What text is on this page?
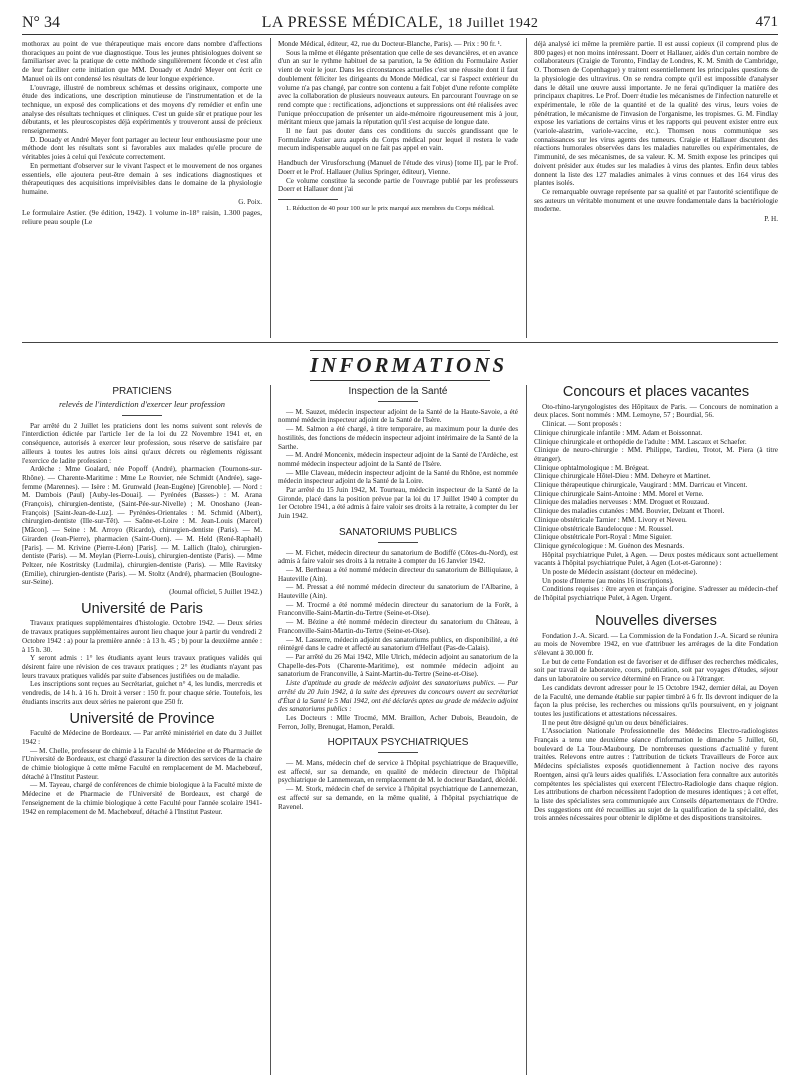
N° 34	LA PRESSE MÉDICALE, 18 Juillet 1942	471

mothorax au point de vue thérapeutique mais encore dans nombre d'affections thoraciques au point de vue diagnostique. Tous les jeunes phtisiologues doivent se familiariser avec la pratique de cette méthode singulièrement féconde et c'est afin de leur faciliter cette initiation que MM. Douady et André Meyer ont écrit ce Manuel où ils ont condensé les résultats de leur longue expérience.

L'ouvrage, illustré de nombreux schémas et dessins originaux, comporte une étude des indications, une description minutieuse de l'instrumentation et de la technique, un exposé des complications et des moyens d'y remédier et enfin une analyse des résultats techniques et cliniques. C'est un guide sûr et pratique pour les débutants, et les pleuroscopistes déjà expérimentés y trouveront aussi de précieux renseignements.

D. Douady et André Meyer font partager au lecteur leur enthousiasme pour une méthode dont les résultats sont si favorables aux malades qu'elle procure de véritables joies à celui qui l'exécute correctement.

En permettant d'observer sur le vivant l'aspect et le mouvement de nos organes essentiels, elle ajoutera peut-être demain à ses indications diagnostiques et thérapeutiques des acquisitions imprévisibles dans le domaine de la physiologie humaine.

G. Poix.

Le formulaire Astier. (9e édition, 1942). 1 volume in-18° raisin, 1.300 pages, reliure peau souple (Le

Monde Médical, éditeur, 42, rue du Docteur-Blanche, Paris). — Prix : 90 fr. ¹.

Sous la même et élégante présentation que celle de ses devancières, et en avance d'un an sur le rythme habituel de sa parution, la 9e édition du Formulaire Astier vient de voir le jour. Dans les circonstances actuelles c'est une réussite dont il faut doublement féliciter les dirigeants du Monde Médical, car si l'aspect extérieur du volume n'a pas changé, par contre son contenu a fait l'objet d'une refonte complète avec la collaboration de plusieurs nouveaux auteurs. En parcourant l'ouvrage on se rend compte que : rectifications, adjonctions et suppressions ont été réalisées avec l'unique préoccupation de présenter un aide-mémoire rigoureusement mis à jour, méritant mieux que jamais la réputation qu'il s'est acquise de longue date.

Il ne faut pas douter dans ces conditions du succès grandissant que le Formulaire Astier aura auprès du Corps médical pour lequel il restera le vade mecum indispensable auquel on ne fait pas appel en vain.

Handbuch der Virusforschung (Manuel de l'étude des virus) [tome II], par le Prof. Doerr et le Prof. Hallauer (Julius Springer, éditeur), Vienne.

Ce volume constitue la seconde partie de l'ouvrage publié par les professeurs Doerr et Hallauer dont j'ai

1. Réduction de 40 pour 100 sur le prix marqué aux membres du Corps médical.

déjà analysé ici même la première partie. Il est aussi copieux (il comprend plus de 800 pages) et non moins intéressant. Doerr et Hallauer, aidés d'un certain nombre de collaborateurs (Craigie de Toronto, Findlay de Londres, K. M. Smith de Cambridge, O. Thomsen de Copenhague) y traitent essentiellement les principales questions de la physiologie des ultravirus. On se rendra compte qu'il est impossible d'analyser dans le détail une œuvre aussi importante. Je ne ferai qu'indiquer la matière des principaux chapitres. Le Prof. Doerr étudie les mécanismes de l'infection naturelle et expérimentale, le rôle de la quantité et de la qualité des virus, leurs voies de pénétration, le mécanisme de l'invasion de l'organisme, les tropismes. G. M. Findlay expose les variations de certains virus et les rapports qui peuvent exister entre eux (variole-alastrim, variole-vaccine, etc.). Thomsen nous communique ses connaissances sur les virus agents des tumeurs. Craigie et Hallauer discutent des réactions humorales observées dans les maladies naturelles ou expérimentales, de l'immunité, de ses mécanismes, de sa valeur. K. M. Smith expose les principes qui doivent présider aux études sur les maladies à virus des plantes. Enfin deux tables donnent la liste des 127 maladies animales à virus connues et des 164 virus des plantes isolés.

Ce remarquable ouvrage représente par sa qualité et par l'autorité scientifique de ses auteurs un véritable monument et une œuvre fondamentale dans la bactériologie moderne.

P. H.
INFORMATIONS
PRATICIENS
relevés de l'interdiction d'exercer leur profession

Par arrêté du 2 Juillet les praticiens dont les noms suivent sont relevés de l'interdiction édictée par l'article 1er de la loi du 22 Novembre 1941 et, en conséquence, autorisés à exercer leur profession, sous réserve de satisfaire par ailleurs à toutes les autres lois ainsi qu'aux décrets ou règlements régissant l'exercice de ladite profession :

Ardèche : Mme Goalard, née Popoff (André), pharmacien (Tournons-sur-Rhône). — Charente-Maritime : Mme Le Rouvier, née Schmidt (Andrée), sage-femme (Marennes). — Isère : M. Grunwald (Jean-Eugène) [Grenoble]. — Nord : M. Dambois (Paul) [Auby-les-Douai]. — Pyrénées (Basses-) : M. Arana (François), chirurgien-dentiste, (Saint-Pée-sur-Nivelle) ; M. Onoshano (Jean-François) [Saint-Jean-de-Luz]. — Pyrénées-Orientales : M. Schmid (Albert), chirurgien-dentiste (Ille-sur-Têt). — Saône-et-Loire : M. Jean-Louis (Marcel) [Mâcon]. — Seine : M. Arroyo (Ricardo), chirurgien-dentiste (Paris). — M. Girarden (Jean-Pierre), pharmacien (Saint-Ouen). — M. Held (René-Raphaël) [Paris]. — M. Krivine (Pierre-Léon) [Paris]. — M. Lallich (Italo), chirurgien-dentiste (Paris). — M. Meylan (Pierre-Louis), chirurgien-dentiste (Paris). — Mme Peltzer, née Kostritsky (Ludmila), chirurgien-dentiste (Paris). — Mlle Ravitsky (Emilie), chirurgien-dentiste (Paris). — M. Stoltz (André), pharmacien (Boulogne-sur-Seine).

(Journal officiel, 5 Juillet 1942.)
Université de Paris

Travaux pratiques supplémentaires d'histologie. Octobre 1942. — Deux séries de travaux pratiques supplémentaires auront lieu chaque jour à partir du vendredi 2 Octobre 1942 : a) pour la première année : à 13 h. 45 ; b) pour la deuxième année : à 15 h. 30.

Y seront admis : 1° les étudiants ayant leurs travaux pratiques validés qui désirent faire une révision de ces travaux pratiques ; 2° les étudiants n'ayant pas leurs travaux pratiques validés par suite d'absences justifiées ou de maladie.

Les inscriptions sont reçues au Secrétariat, guichet n° 4, les lundis, mercredis et vendredis, de 14 h. à 16 h. Droit à verser : 150 fr. pour chaque série. Toutefois, les étudiants inscrits aux deux séries ne paieront que 250 fr.

Université de Province

Faculté de Médecine de Bordeaux. — Par arrêté ministériel en date du 3 Juillet 1942 :

— M. Chelle, professeur de chimie à la Faculté de Médecine et de Pharmacie de l'Université de Bordeaux, est chargé d'assurer la direction des services de la chaire de chimie biologique à cette même Faculté en remplacement de M. Machebœuf, détaché à l'Institut Pasteur.

— M. Tayeau, chargé de conférences de chimie biologique à la Faculté mixte de Médecine et de Pharmacie de l'Université de Bordeaux, est chargé de l'enseignement de la chimie biologique à cette Faculté pour l'année scolaire 1941-1942 en remplacement de M. Machebœuf, détaché à l'Institut Pasteur.

Inspection de la Santé

— M. Sauzet, médecin inspecteur adjoint de la Santé de la Haute-Savoie, a été nommé médecin inspecteur adjoint de la Santé de l'Isère.

— M. Salmon a été chargé, à titre temporaire, au maximum pour la durée des hostilités, des fonctions de médecin inspecteur adjoint intérimaire de la Santé de la Sarthe.

— M. André Moncenix, médecin inspecteur adjoint de la Santé de l'Ardèche, est nommé médecin inspecteur adjoint de la Santé de l'Isère.

— Mlle Claveau, médecin inspecteur adjoint de la Santé du Rhône, est nommée médecin inspecteur adjoint de la Santé de la Loire.

Par arrêté du 15 Juin 1942, M. Tourteau, médecin inspecteur de la Santé de la Gironde, placé dans la position prévue par la loi du 17 Juillet 1940 à compter du 1er Octobre 1941, a été admis à faire valoir ses droits à la retraite, à compter du 1er Juin 1942.

SANATORIUMS PUBLICS

— M. Fichet, médecin directeur du sanatorium de Bodiffé (Côtes-du-Nord), est admis à faire valoir ses droits à la retraite à compter du 16 Janvier 1942.

— M. Bertheau a été nommé médecin directeur du sanatorium de Billiquiaue, à Hauteville (Ain).

— M. Pressat a été nommé médecin directeur du sanatorium de l'Albarine, à Hauteville (Ain).

— M. Trocmé a été nommé médecin directeur du sanatorium de la Forêt, à Franconville-Saint-Martin-du-Tertre (Seine-et-Oise).

— M. Bézine a été nommé médecin directeur du sanatorium du Château, à Franconville-Saint-Martin-du-Tertre (Seine-et-Oise).

— M. Lasserre, médecin adjoint des sanatoriums publics, en disponibilité, a été réintégré dans le cadre et affecté au sanatorium d'Helfaut (Pas-de-Calais).

— Par arrêté du 26 Mai 1942, Mlle Ulrich, médecin adjoint au sanatorium de la Chapelle-des-Pots (Charente-Maritime), est nommée médecin adjoint au sanatorium de Franconville, à Saint-Martin-du-Tertre (Seine-et-Oise).

Liste d'aptitude au grade de médecin adjoint des sanatoriums publics. — Par arrêté du 20 Juin 1942, à la suite des épreuves du concours ouvert au secrétariat d'État à la Santé le 5 Mai 1942, ont été déclarés aptes au grade de médecin adjoint des sanatoriums publics :

Les Docteurs : Mlle Trocmé, MM. Braillon, Acher Dubois, Beaudoin, de Ferron, Jolly, Brenugat, Hamon, Peraldi.

HOPITAUX PSYCHIATRIQUES

— M. Mans, médecin chef de service à l'hôpital psychiatrique de Braqueville, est affecté, sur sa demande, en qualité de médecin directeur de l'hôpital psychiatrique de Lannemezan, en remplacement de M. le docteur Baudard, décédé.

— M. Stork, médecin chef de service à l'hôpital psychiatrique de Lannemezan, est affecté sur sa demande, en la même qualité, à l'hôpital psychiatrique de Ravenel.

Concours et places vacantes

Oto-rhino-laryngologistes des Hôpitaux de Paris. — Concours de nomination a deux places. Sont nommés : MM. Lemoyne, 57 ; Bourdial, 56.

Clinicat. — Sont proposés :

Clinique chirurgicale infantile : MM. Adam et Boissonnat.

Clinique chirurgicale et orthopédie de l'adulte : MM. Lascaux et Schaefer.

Clinique de neuro-chirurgie : MM. Philippe, Tardieu, Trotot, M. Piera (à titre étranger).

Clinique ophtalmologique : M. Brégeat.

Clinique chirurgicale Hôtel-Dieu : MM. Deheyre et Martinet.

Clinique thérapeutique chirurgicale, Vaugirard : MM. Darricau et Vincent.

Clinique chirurgicale Saint-Antoine : MM. Morel et Verne.

Clinique des maladies nerveuses : MM. Droguet et Rouzaud.

Clinique des maladies cutanées : MM. Bouvier, Delzant et Thorel.

Clinique obstétricale Tarnier : MM. Livory et Neveu.

Clinique obstétricale Baudelocque : M. Roussel.

Clinique obstétricale Port-Royal : Mme Siguier.

Clinique gynécologique : M. Guénon des Mesnards.

Hôpital psychiatrique Pulet, à Agen. — Deux postes médicaux sont actuellement vacants à l'hôpital psychiatrique Pulet, à Agen (Lot-et-Garonne) :

Un poste de Médecin assistant (docteur en médecine).

Un poste d'Interne (au moins 16 inscriptions).

Conditions requises : être aryen et français d'origine. S'adresser au médecin-chef de l'hôpital psychiatrique Pulet, à Agen. Urgent.

Nouvelles diverses

Fondation J.-A. Sicard. — La Commission de la Fondation J.-A. Sicard se réunira au mois de Novembre 1942, en vue d'attribuer les arrérages de la dite Fondation s'élevant à 30.000 fr.

Le but de cette Fondation est de favoriser et de diffuser des recherches médicales, soit par travail de laboratoire, cours, publication, soit par voyages d'études, séjour dans un laboratoire ou service déterminé en France ou à l'étranger.

Les candidats devront adresser pour le 15 Octobre 1942, dernier délai, au Doyen de la Faculté, une demande établie sur papier timbré à 6 fr. Ils devront indiquer de la façon la plus précise, les recherches ou missions qu'ils poursuivent, en y joignant toutes les justifications et attestations nécessaires.

Il ne peut être désigné qu'un ou deux bénéficiaires.

L'Association Nationale Professionnelle des Médecins Electro-radiologistes Français a tenu une deuxième séance d'information le dimanche 5 Juillet, 60, boulevard de La Tour-Maubourg. De nombreuses questions d'actualité y furent traitées. Relevons entre autres : l'attribution de tickets Travailleurs de Force aux Médecins spécialistes exposés quotidiennement à l'action nocive des rayons Roentgen, ainsi qu'à leurs aides qualifiés. L'Association fera connaître aux autorités compétentes les spécialistes qui exercent l'Electro-Radiologie dans chaque région. Les attributions de charbon nécessitent l'adoption de mesures identiques ; à cet effet, la liste des spécialistes sera communiquée aux Conseils départementaux de l'Ordre. Des suggestions ont été recueillies au sujet de la qualification de la spécialité, des trois années nécessaires pour obtenir le diplôme et des dispositions transitoires.
